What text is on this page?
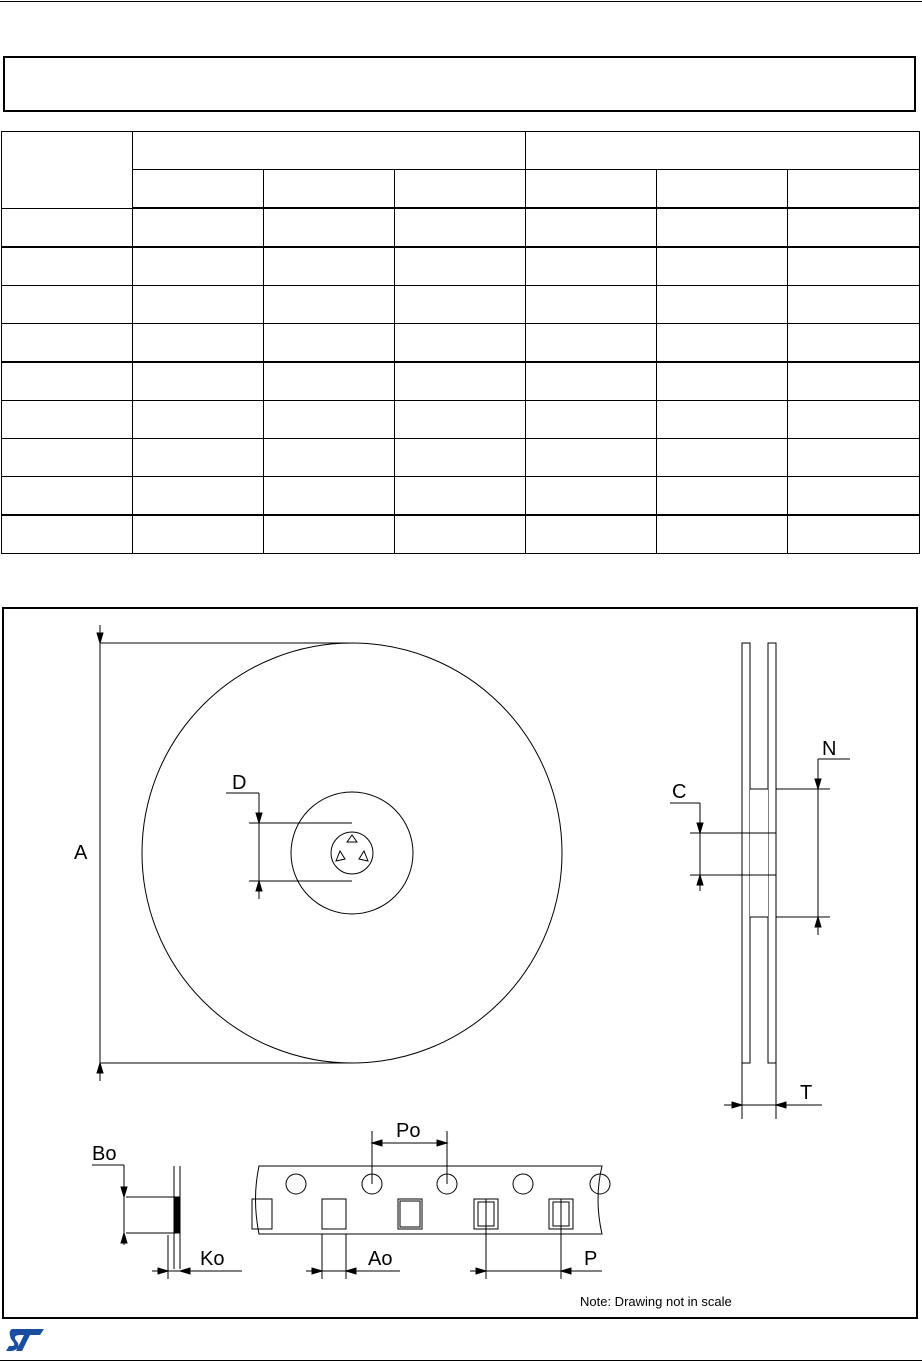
A
D
N
C
T
Po
Bo
Ko	Ao	P
Note: Drawing not in scale
